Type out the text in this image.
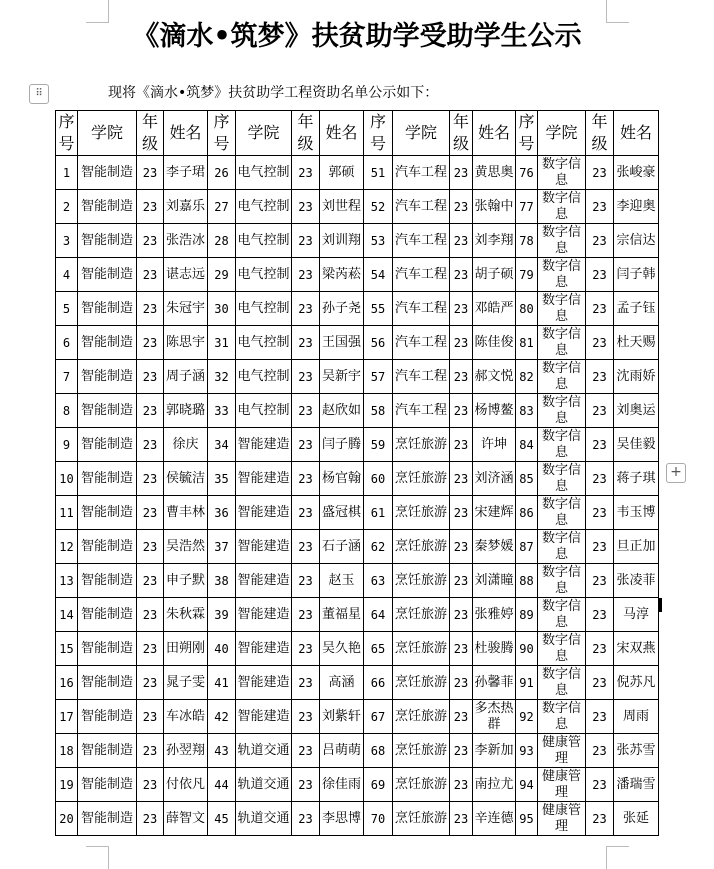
《滴水•筑梦》扶贫助学受助学生公示
⠿	现将《滴水•筑梦》扶贫助学工程资助名单公示如下：
序号	学院	年级	姓名	序号	学院	年级	姓名	序号	学院	年级	姓名	序号	学院	年级	姓名
1	智能制造	23	李子珺	26	电气控制	23	郭硕	51	汽车工程	23	黄思奥	76	数字信息	23	张峻豪
2	智能制造	23	刘嘉乐	27	电气控制	23	刘世程	52	汽车工程	23	张翰中	77	数字信息	23	李迎奥
3	智能制造	23	张浩冰	28	电气控制	23	刘训翔	53	汽车工程	23	刘李翔	78	数字信息	23	宗信达
4	智能制造	23	谌志远	29	电气控制	23	梁芮菘	54	汽车工程	23	胡子硕	79	数字信息	23	闫子韩
5	智能制造	23	朱冠宇	30	电气控制	23	孙子尧	55	汽车工程	23	邓皓严	80	数字信息	23	孟子钰
6	智能制造	23	陈思宇	31	电气控制	23	王国强	56	汽车工程	23	陈佳俊	81	数字信息	23	杜天赐
7	智能制造	23	周子涵	32	电气控制	23	吴新宇	57	汽车工程	23	郝文悦	82	数字信息	23	沈雨娇
8	智能制造	23	郭晓璐	33	电气控制	23	赵欣如	58	汽车工程	23	杨博鳌	83	数字信息	23	刘奥运
9	智能制造	23	徐庆	34	智能建造	23	闫子腾	59	烹饪旅游	23	许坤	84	数字信息	23	吴佳毅
10	智能制造	23	侯毓洁	35	智能建造	23	杨官翰	60	烹饪旅游	23	刘济涵	85	数字信息	23	蒋子琪
11	智能制造	23	曹丰林	36	智能建造	23	盛冠棋	61	烹饪旅游	23	宋建辉	86	数字信息	23	韦玉博
12	智能制造	23	吴浩然	37	智能建造	23	石子涵	62	烹饪旅游	23	秦梦媛	87	数字信息	23	旦正加
13	智能制造	23	申子默	38	智能建造	23	赵玉	63	烹饪旅游	23	刘潇瞳	88	数字信息	23	张凌菲
14	智能制造	23	朱秋霖	39	智能建造	23	董福星	64	烹饪旅游	23	张雅婷	89	数字信息	23	马淳
15	智能制造	23	田朔刚	40	智能建造	23	吴久艳	65	烹饪旅游	23	杜骏腾	90	数字信息	23	宋双燕
16	智能制造	23	晁子雯	41	智能建造	23	高涵	66	烹饪旅游	23	孙馨菲	91	数字信息	23	倪苏凡
17	智能制造	23	车冰皓	42	智能建造	23	刘紫轩	67	烹饪旅游	23	多杰热群	92	数字信息	23	周雨
18	智能制造	23	孙翌翔	43	轨道交通	23	吕萌萌	68	烹饪旅游	23	李新加	93	健康管理	23	张苏雪
19	智能制造	23	付依凡	44	轨道交通	23	徐佳雨	69	烹饪旅游	23	南拉尤	94	健康管理	23	潘瑞雪
20	智能制造	23	薛智文	45	轨道交通	23	李思博	70	烹饪旅游	23	辛连德	95	健康管理	23	张延
+
